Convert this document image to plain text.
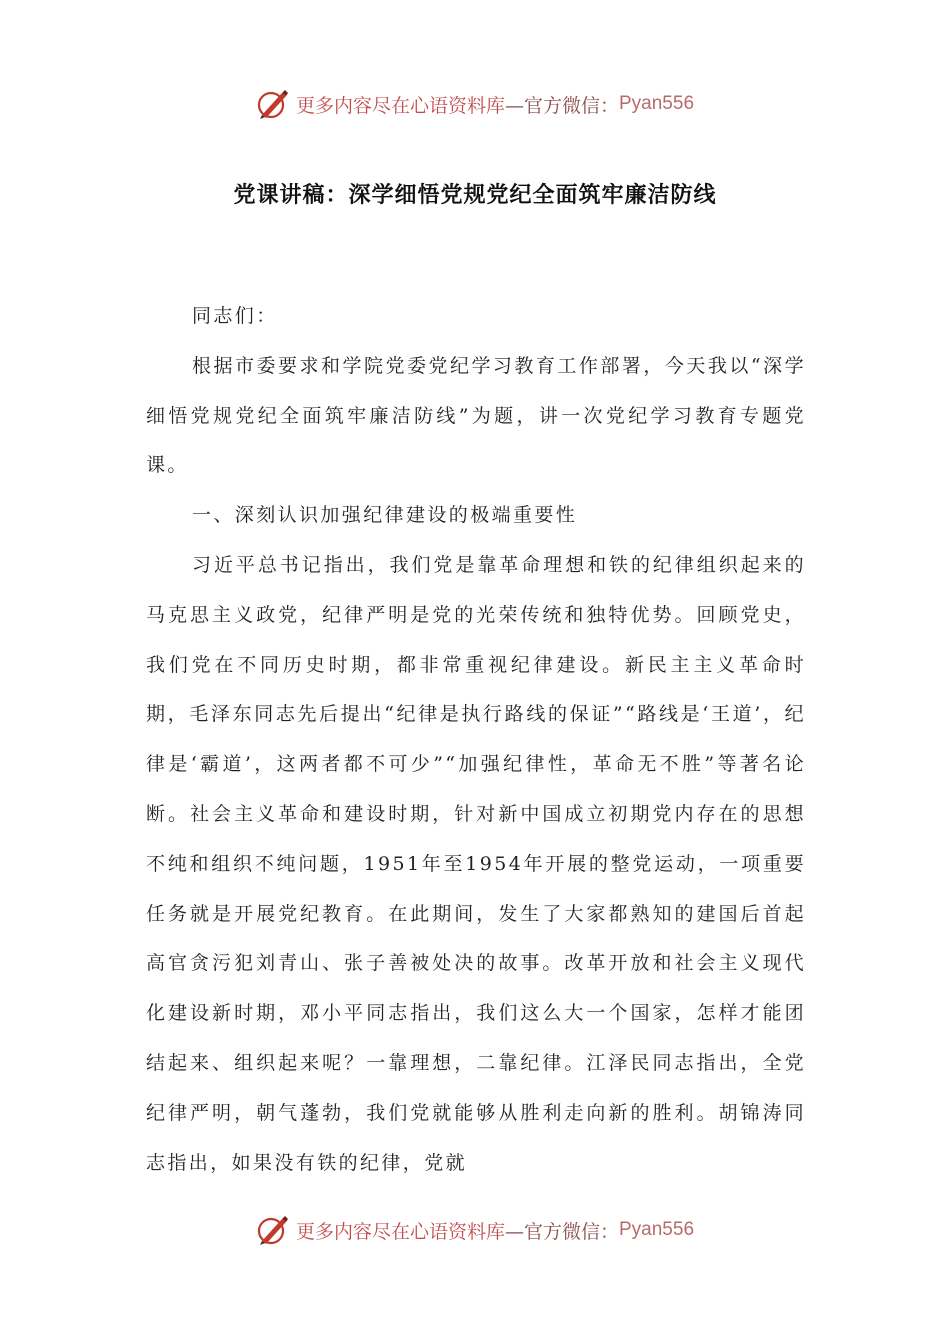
更多内容尽在心语资料库 —官方微信： Pyan556
党课讲稿：深学细悟党规党纪全面筑牢廉洁防线

同志们：

根据市委要求和学院党委党纪学习教育工作部署，今天我以“深学细悟党规党纪全面筑牢廉洁防线”为题，讲一次党纪学习教育专题党课。

一、深刻认识加强纪律建设的极端重要性

习近平总书记指出，我们党是靠革命理想和铁的纪律组织起来的马克思主义政党，纪律严明是党的光荣传统和独特优势。回顾党史，我们党在不同历史时期，都非常重视纪律建设。新民主主义革命时期，毛泽东同志先后提出“纪律是执行路线的保证”“路线是‘王道’，纪律是‘霸道’，这两者都不可少”“加强纪律性，革命无不胜”等著名论断。社会主义革命和建设时期，针对新中国成立初期党内存在的思想不纯和组织不纯问题，1951年至1954年开展的整党运动，一项重要任务就是开展党纪教育。在此期间，发生了大家都熟知的建国后首起高官贪污犯刘青山、张子善被处决的故事。改革开放和社会主义现代化建设新时期，邓小平同志指出，我们这么大一个国家，怎样才能团结起来、组织起来呢？一靠理想，二靠纪律。江泽民同志指出，全党纪律严明，朝气蓬勃，我们党就能够从胜利走向新的胜利。胡锦涛同志指出，如果没有铁的纪律，党就

更多内容尽在心语资料库 —官方微信： Pyan556
